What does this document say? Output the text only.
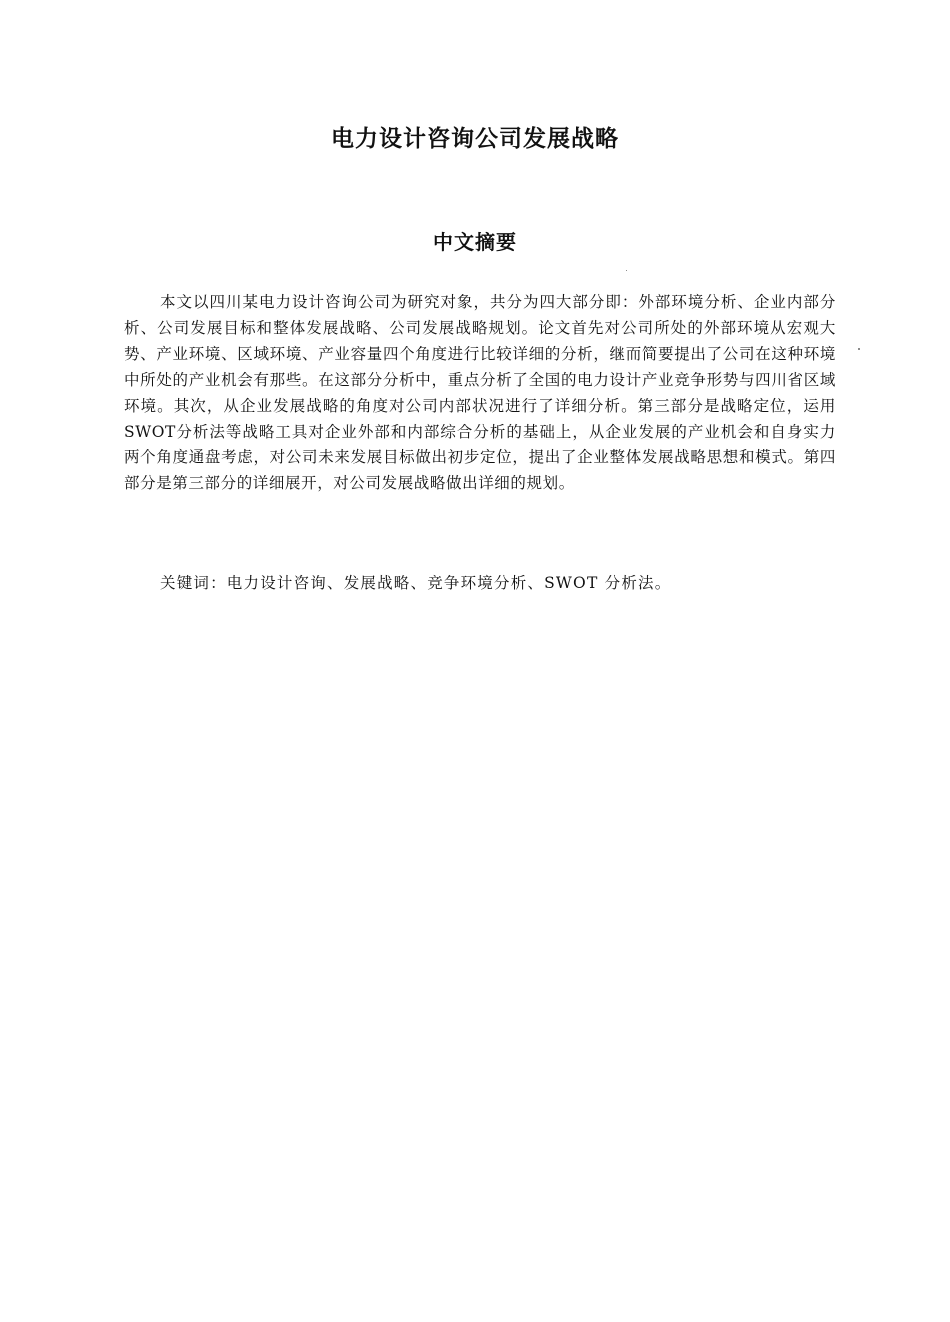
电力设计咨询公司发展战略
中文摘要

本文以四川某电力设计咨询公司为研究对象，共分为四大部分即：外部环境分析、企业内部分析、公司发展目标和整体发展战略、公司发展战略规划。论文首先对公司所处的外部环境从宏观大势、产业环境、区域环境、产业容量四个角度进行比较详细的分析，继而简要提出了公司在这种环境中所处的产业机会有那些。在这部分分析中，重点分析了全国的电力设计产业竞争形势与四川省区域环境。其次，从企业发展战略的角度对公司内部状况进行了详细分析。第三部分是战略定位，运用SWOT分析法等战略工具对企业外部和内部综合分析的基础上，从企业发展的产业机会和自身实力两个角度通盘考虑，对公司未来发展目标做出初步定位，提出了企业整体发展战略思想和模式。第四部分是第三部分的详细展开，对公司发展战略做出详细的规划。

关键词：电力设计咨询、发展战略、竞争环境分析、SWOT 分析法。
